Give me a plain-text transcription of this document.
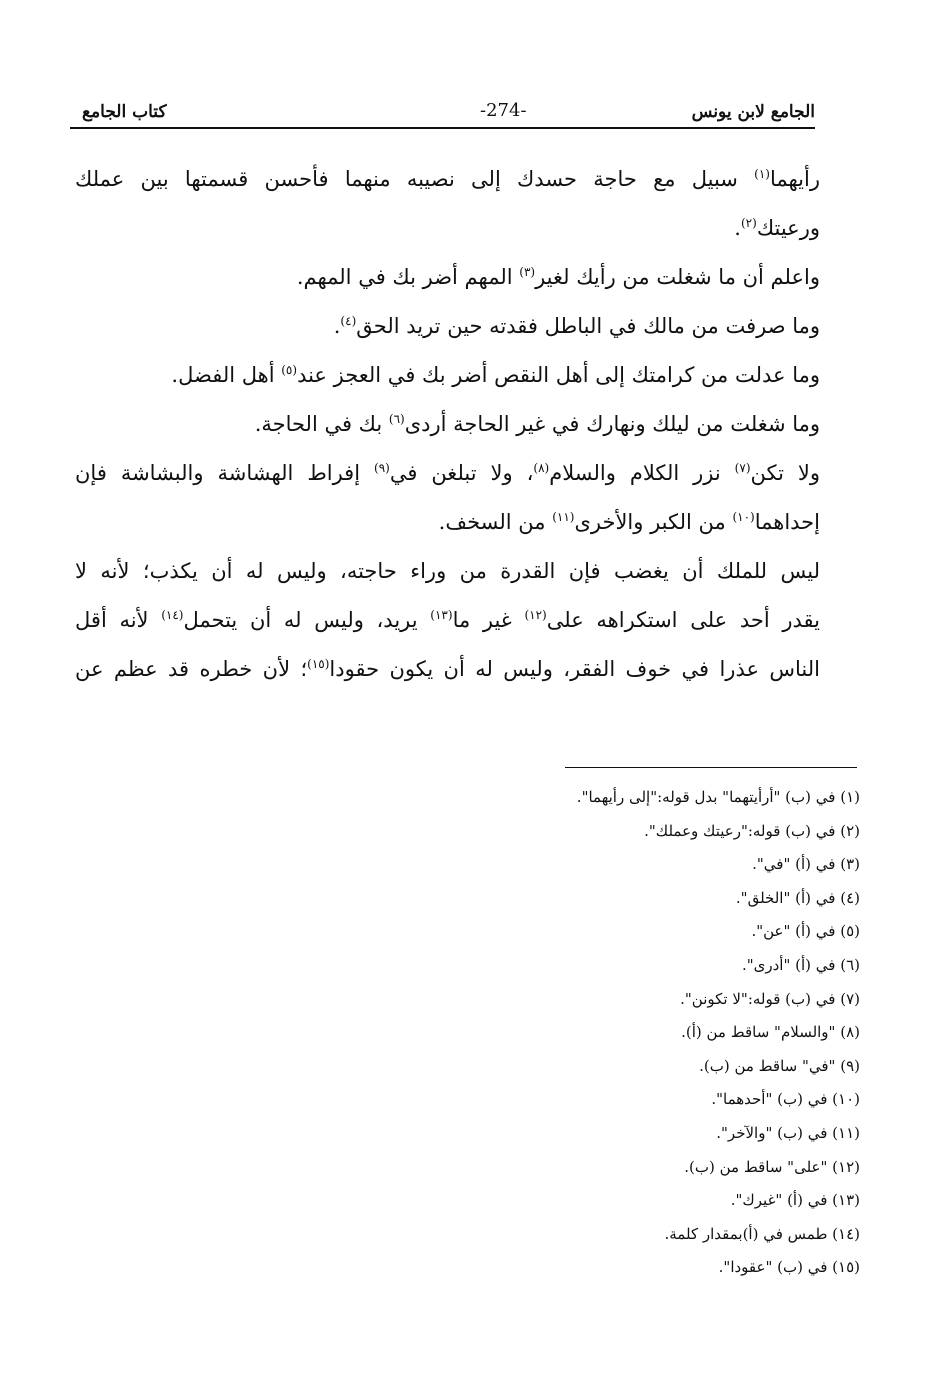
الجامع لابن يونس
-274-
كتاب الجامع
رأيهما$^{(١)}$ سبيل مع حاجة حسدك إلى نصيبه منهما فأحسن قسمتها بين عملك
ورعيتك$^{(٢)}$.
واعلم أن ما شغلت من رأيك لغير$^{(٣)}$ المهم أضر بك في المهم.
وما صرفت من مالك في الباطل فقدته حين تريد الحق$^{(٤)}$.
وما عدلت من كرامتك إلى أهل النقص أضر بك في العجز عند$^{(٥)}$ أهل الفضل.
وما شغلت من ليلك ونهارك في غير الحاجة أردى$^{(٦)}$ بك في الحاجة.
ولا تكن$^{(٧)}$ نزر الكلام والسلام$^{(٨)}$، ولا تبلغن في$^{(٩)}$ إفراط الهشاشة والبشاشة فإن
إحداهما$^{(١٠)}$ من الكبر والأخرى$^{(١١)}$ من السخف.
ليس للملك أن يغضب فإن القدرة من وراء حاجته، وليس له أن يكذب؛ لأنه لا
يقدر أحد على استكراهه على$^{(١٢)}$ غير ما$^{(١٣)}$ يريد، وليس له أن يتحمل$^{(١٤)}$ لأنه أقل
الناس عذرا في خوف الفقر، وليس له أن يكون حقودا$^{(١٥)}$؛ لأن خطره قد عظم عن
(١) في (ب) "أرأيتهما" بدل قوله:"إلى رأيهما".
(٢) في (ب) قوله:"رعيتك وعملك".
(٣) في (أ) "في".
(٤) في (أ) "الخلق".
(٥) في (أ) "عن".
(٦) في (أ) "أدرى".
(٧) في (ب) قوله:"لا تكونن".
(٨) "والسلام" ساقط من (أ).
(٩) "في" ساقط من (ب).
(١٠) في (ب) "أحدهما".
(١١) في (ب) "والآخر".
(١٢) "على" ساقط من (ب).
(١٣) في (أ) "غيرك".
(١٤) طمس في (أ)بمقدار كلمة.
(١٥) في (ب) "عقودا".
